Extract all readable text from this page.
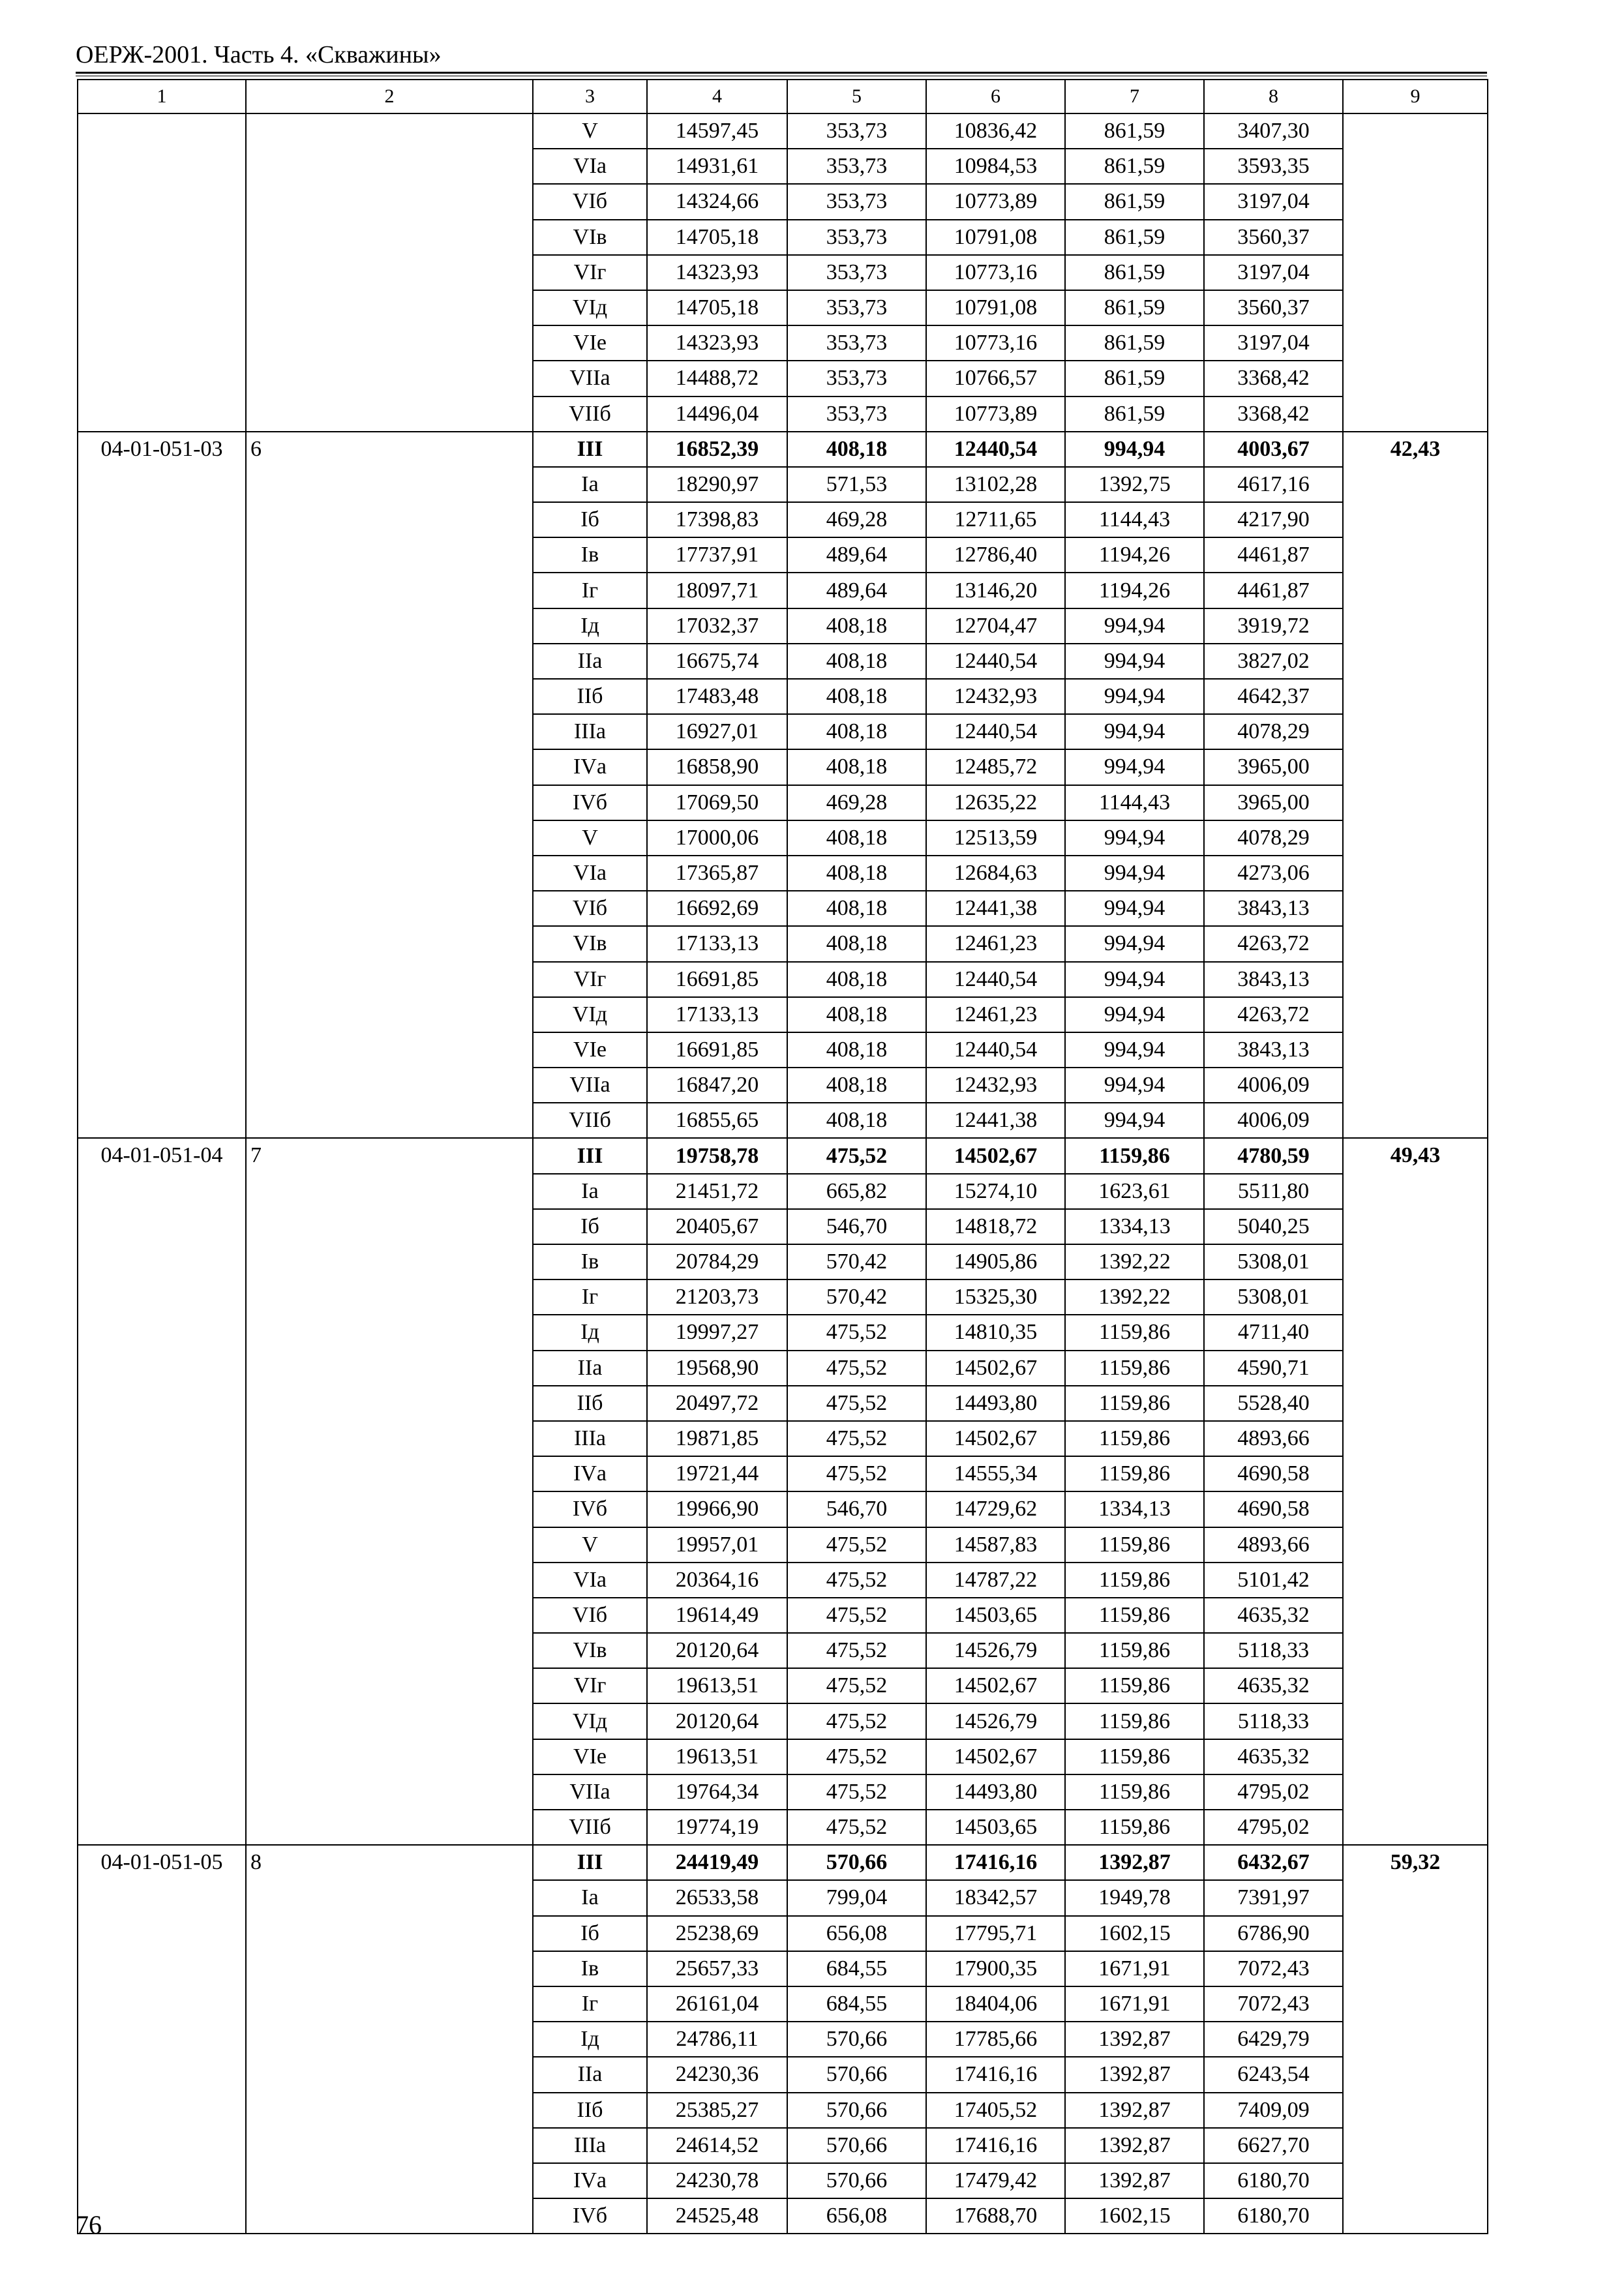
ОЕРЖ-2001. Часть 4. «Скважины»
1	2	3	4	5	6	7	8	9
		V	14597,45	353,73	10836,42	861,59	3407,30	
		VIа	14931,61	353,73	10984,53	861,59	3593,35	
		VIб	14324,66	353,73	10773,89	861,59	3197,04	
		VIв	14705,18	353,73	10791,08	861,59	3560,37	
		VIг	14323,93	353,73	10773,16	861,59	3197,04	
		VIд	14705,18	353,73	10791,08	861,59	3560,37	
		VIе	14323,93	353,73	10773,16	861,59	3197,04	
		VIIа	14488,72	353,73	10766,57	861,59	3368,42	
		VIIб	14496,04	353,73	10773,89	861,59	3368,42	
04-01-051-03	6	III	16852,39	408,18	12440,54	994,94	4003,67	42,43
		Iа	18290,97	571,53	13102,28	1392,75	4617,16	
		Iб	17398,83	469,28	12711,65	1144,43	4217,90	
		Iв	17737,91	489,64	12786,40	1194,26	4461,87	
		Iг	18097,71	489,64	13146,20	1194,26	4461,87	
		Iд	17032,37	408,18	12704,47	994,94	3919,72	
		IIа	16675,74	408,18	12440,54	994,94	3827,02	
		IIб	17483,48	408,18	12432,93	994,94	4642,37	
		IIIа	16927,01	408,18	12440,54	994,94	4078,29	
		IVа	16858,90	408,18	12485,72	994,94	3965,00	
		IVб	17069,50	469,28	12635,22	1144,43	3965,00	
		V	17000,06	408,18	12513,59	994,94	4078,29	
		VIа	17365,87	408,18	12684,63	994,94	4273,06	
		VIб	16692,69	408,18	12441,38	994,94	3843,13	
		VIв	17133,13	408,18	12461,23	994,94	4263,72	
		VIг	16691,85	408,18	12440,54	994,94	3843,13	
		VIд	17133,13	408,18	12461,23	994,94	4263,72	
		VIе	16691,85	408,18	12440,54	994,94	3843,13	
		VIIа	16847,20	408,18	12432,93	994,94	4006,09	
		VIIб	16855,65	408,18	12441,38	994,94	4006,09	
04-01-051-04	7	III	19758,78	475,52	14502,67	1159,86	4780,59	49,43
		Iа	21451,72	665,82	15274,10	1623,61	5511,80	
		Iб	20405,67	546,70	14818,72	1334,13	5040,25	
		Iв	20784,29	570,42	14905,86	1392,22	5308,01	
		Iг	21203,73	570,42	15325,30	1392,22	5308,01	
		Iд	19997,27	475,52	14810,35	1159,86	4711,40	
		IIа	19568,90	475,52	14502,67	1159,86	4590,71	
		IIб	20497,72	475,52	14493,80	1159,86	5528,40	
		IIIа	19871,85	475,52	14502,67	1159,86	4893,66	
		IVа	19721,44	475,52	14555,34	1159,86	4690,58	
		IVб	19966,90	546,70	14729,62	1334,13	4690,58	
		V	19957,01	475,52	14587,83	1159,86	4893,66	
		VIа	20364,16	475,52	14787,22	1159,86	5101,42	
		VIб	19614,49	475,52	14503,65	1159,86	4635,32	
		VIв	20120,64	475,52	14526,79	1159,86	5118,33	
		VIг	19613,51	475,52	14502,67	1159,86	4635,32	
		VIд	20120,64	475,52	14526,79	1159,86	5118,33	
		VIе	19613,51	475,52	14502,67	1159,86	4635,32	
		VIIа	19764,34	475,52	14493,80	1159,86	4795,02	
		VIIб	19774,19	475,52	14503,65	1159,86	4795,02	
04-01-051-05	8	III	24419,49	570,66	17416,16	1392,87	6432,67	59,32
		Iа	26533,58	799,04	18342,57	1949,78	7391,97	
		Iб	25238,69	656,08	17795,71	1602,15	6786,90	
		Iв	25657,33	684,55	17900,35	1671,91	7072,43	
		Iг	26161,04	684,55	18404,06	1671,91	7072,43	
		Iд	24786,11	570,66	17785,66	1392,87	6429,79	
		IIа	24230,36	570,66	17416,16	1392,87	6243,54	
		IIб	25385,27	570,66	17405,52	1392,87	7409,09	
		IIIа	24614,52	570,66	17416,16	1392,87	6627,70	
		IVа	24230,78	570,66	17479,42	1392,87	6180,70	
		IVб	24525,48	656,08	17688,70	1602,15	6180,70	
76
